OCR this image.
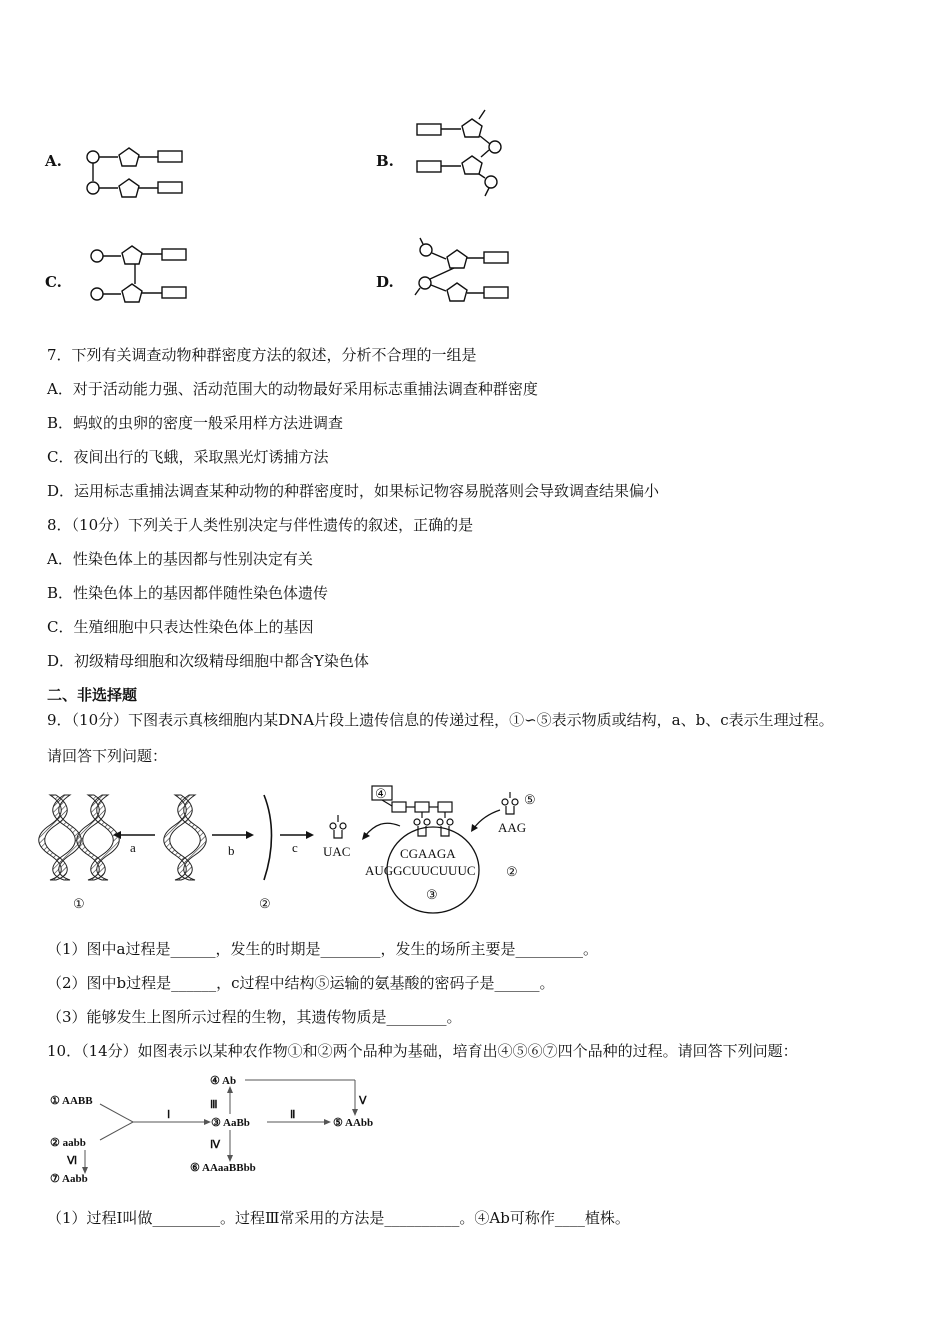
A.	B.
C.	D.
7．下列有关调查动物种群密度方法的叙述，分析不合理的一组是
A．对于活动能力强、活动范围大的动物最好采用标志重捕法调查种群密度
B．蚂蚁的虫卵的密度一般采用样方法进调查
C．夜间出行的飞蛾，采取黑光灯诱捕方法
D．运用标志重捕法调查某种动物的种群密度时，如果标记物容易脱落则会导致调查结果偏小
8．（10分）下列关于人类性别决定与伴性遗传的叙述，正确的是
A．性染色体上的基因都与性别决定有关
B．性染色体上的基因都伴随性染色体遗传
C．生殖细胞中只表达性染色体上的基因
D．初级精母细胞和次级精母细胞中都含Y染色体
二、非选择题
9．（10分）下图表示真核细胞内某DNA片段上遗传信息的传递过程，①∽⑤表示物质或结构，a、b、c表示生理过程。
请回答下列问题：
①
a	b
②
c UAC
③
④
CGAAGA
AUGGCUUCUUUC ②
⑤
AAG
（1）图中a过程是______，发生的时期是________，发生的场所主要是_________。
（2）图中b过程是______，c过程中结构⑤运输的氨基酸的密码子是______。
（3）能够发生上图所示过程的生物，其遗传物质是________。
10．（14分）如图表示以某种农作物①和②两个品种为基础，培育出④⑤⑥⑦四个品种的过程。请回答下列问题：
④ Ab
① AABB
③ AaBb	⑤ AAbb
② aabb
⑥ AAaaBBbb
⑦ Aabb
Ⅰ	Ⅱ
Ⅲ
Ⅳ
Ⅴ
Ⅵ
（1）过程Ⅰ叫做_________。过程Ⅲ常采用的方法是__________。④Ab可称作____植株。
